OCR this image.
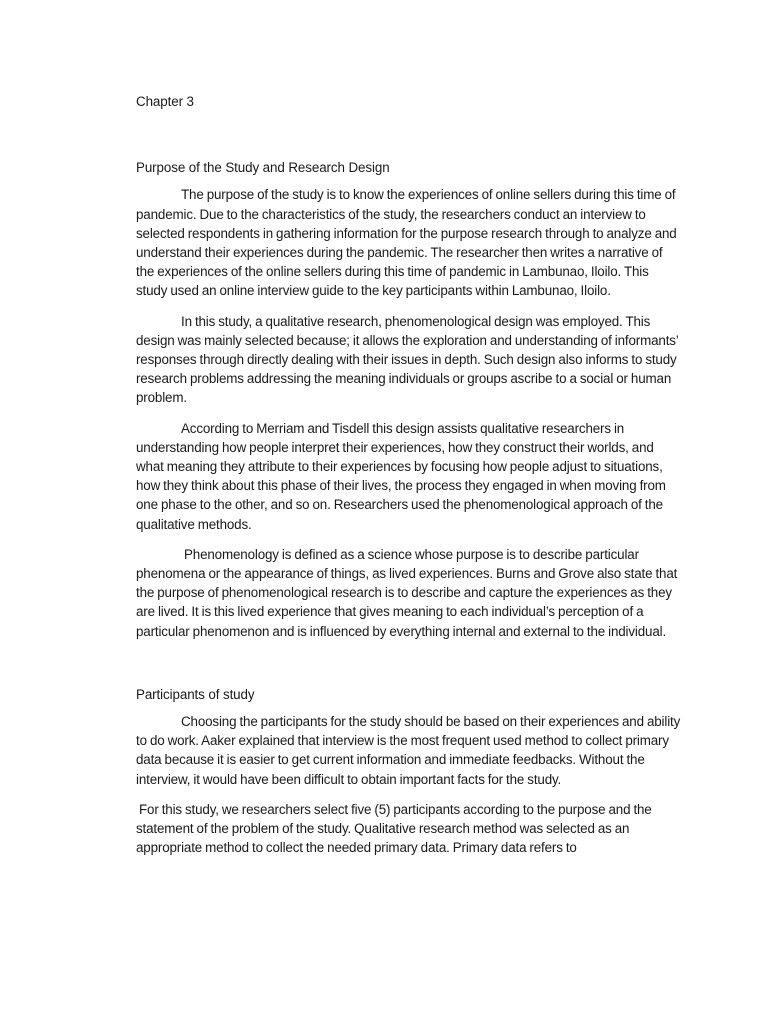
Chapter 3
Purpose of the Study and Research Design

The purpose of the study is to know the experiences of online sellers during this time of pandemic. Due to the characteristics of the study, the researchers conduct an interview to selected respondents in gathering information for the purpose research through to analyze and understand their experiences during the pandemic. The researcher then writes a narrative of the experiences of the online sellers during this time of pandemic in Lambunao, Iloilo. This study used an online interview guide to the key participants within Lambunao, Iloilo.

In this study, a qualitative research, phenomenological design was employed. This design was mainly selected because; it allows the exploration and understanding of informants’ responses through directly dealing with their issues in depth. Such design also informs to study research problems addressing the meaning individuals or groups ascribe to a social or human problem.

According to Merriam and Tisdell this design assists qualitative researchers in understanding how people interpret their experiences, how they construct their worlds, and what meaning they attribute to their experiences by focusing how people adjust to situations, how they think about this phase of their lives, the process they engaged in when moving from one phase to the other, and so on. Researchers used the phenomenological approach of the qualitative methods.

Phenomenology is defined as a science whose purpose is to describe particular phenomena or the appearance of things, as lived experiences. Burns and Grove also state that the purpose of phenomenological research is to describe and capture the experiences as they are lived. It is this lived experience that gives meaning to each individual’s perception of a particular phenomenon and is influenced by everything internal and external to the individual.

Participants of study

Choosing the participants for the study should be based on their experiences and ability to do work. Aaker explained that interview is the most frequent used method to collect primary data because it is easier to get current information and immediate feedbacks. Without the interview, it would have been difficult to obtain important facts for the study.

For this study, we researchers select five (5) participants according to the purpose and the statement of the problem of the study. Qualitative research method was selected as an appropriate method to collect the needed primary data. Primary data refers to
